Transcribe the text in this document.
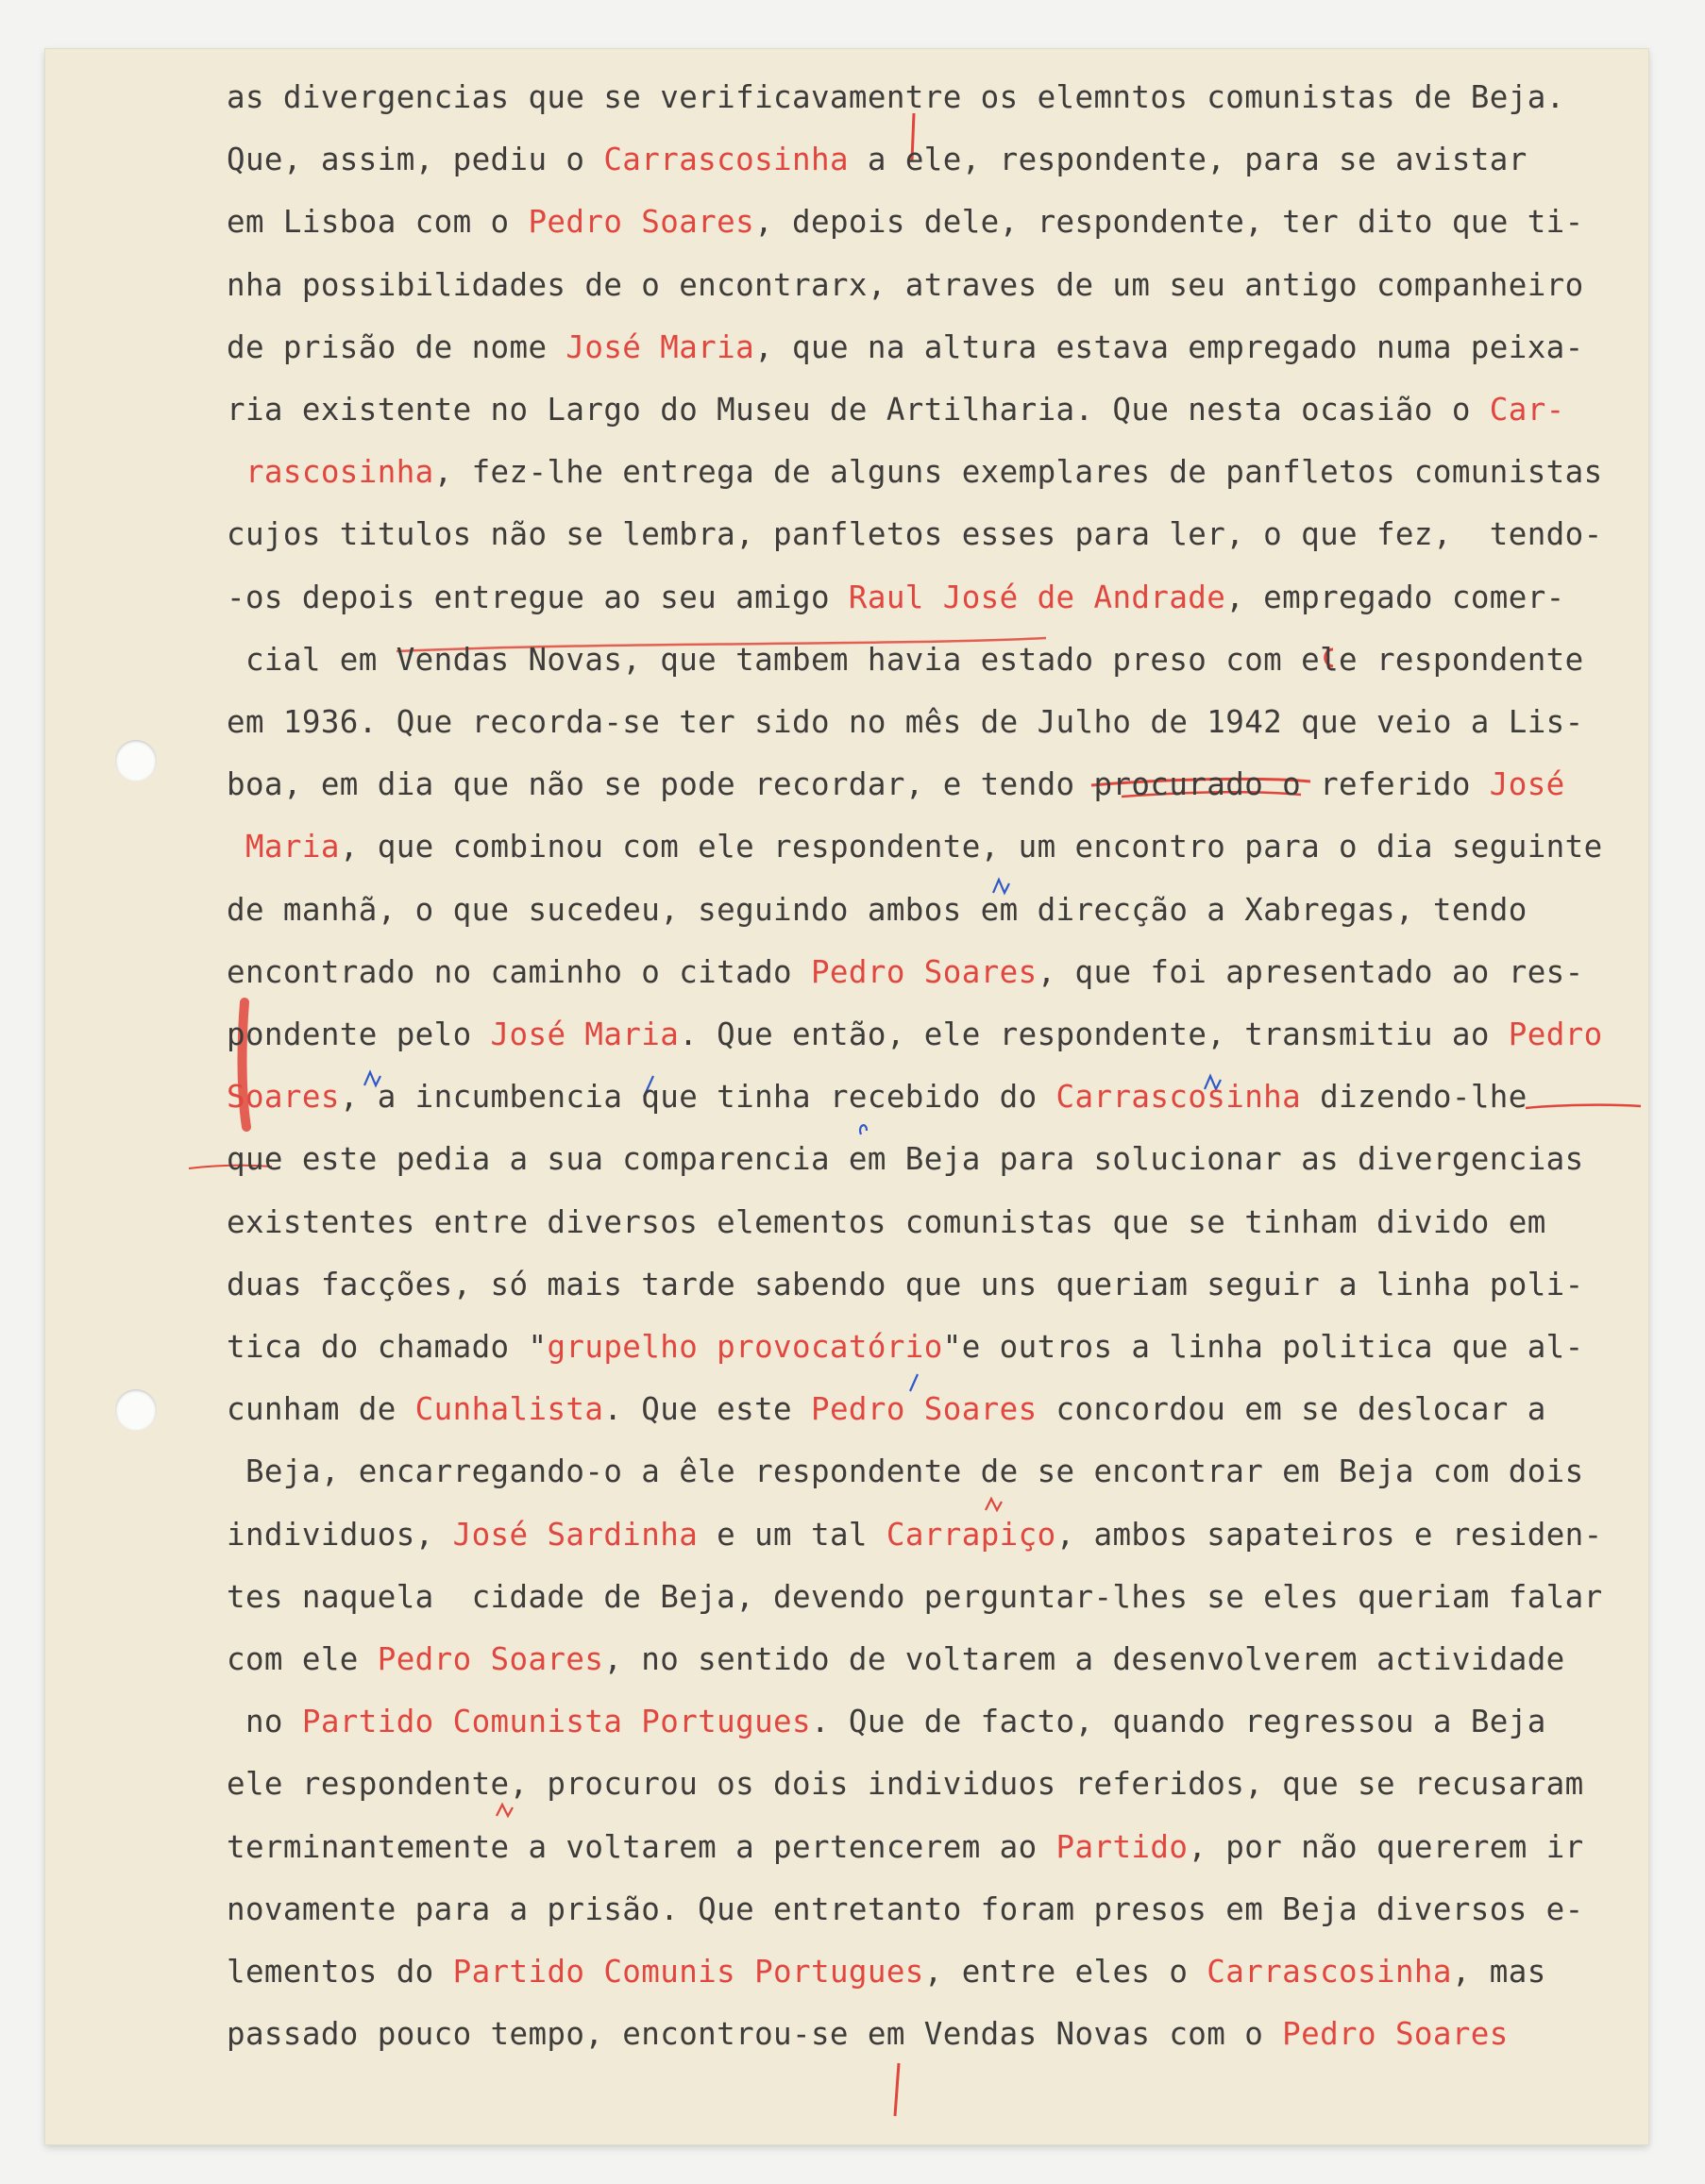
as divergencias que se verificavamentre os elemntos comunistas de Beja.
Que, assim, pediu o Carrascosinha a ele, respondente, para se avistar
em Lisboa com o Pedro Soares, depois dele, respondente, ter dito que ti-
nha possibilidades de o encontrarx, atraves de um seu antigo companheiro
de prisão de nome José Maria, que na altura estava empregado numa peixa-
ria existente no Largo do Museu de Artilharia. Que nesta ocasião o Car-
rascosinha, fez-lhe entrega de alguns exemplares de panfletos comunistas
cujos titulos não se lembra, panfletos esses para ler, o que fez,  tendo-
-os depois entregue ao seu amigo Raul José de Andrade, empregado comer-
cial em Vendas Novas, que tambem havia estado preso com ele respondente
em 1936. Que recorda-se ter sido no mês de Julho de 1942 que veio a Lis-
boa, em dia que não se pode recordar, e tendo procurado o referido José
Maria, que combinou com ele respondente, um encontro para o dia seguinte
de manhã, o que sucedeu, seguindo ambos em direcção a Xabregas, tendo
encontrado no caminho o citado Pedro Soares, que foi apresentado ao res-
pondente pelo José Maria. Que então, ele respondente, transmitiu ao Pedro
Soares, a incumbencia que tinha recebido do Carrascosinha dizendo-lhe
que este pedia a sua comparencia em Beja para solucionar as divergencias
existentes entre diversos elementos comunistas que se tinham divido em
duas facções, só mais tarde sabendo que uns queriam seguir a linha poli-
tica do chamado "grupelho provocatório"e outros a linha politica que al-
cunham de Cunhalista. Que este Pedro Soares concordou em se deslocar a
Beja, encarregando-o a êle respondente de se encontrar em Beja com dois
individuos, José Sardinha e um tal Carrapiço, ambos sapateiros e residen-
tes naquela  cidade de Beja, devendo perguntar-lhes se eles queriam falar
com ele Pedro Soares, no sentido de voltarem a desenvolverem actividade
no Partido Comunista Portugues. Que de facto, quando regressou a Beja
ele respondente, procurou os dois individuos referidos, que se recusaram
terminantemente a voltarem a pertencerem ao Partido, por não quererem ir
novamente para a prisão. Que entretanto foram presos em Beja diversos e-
lementos do Partido Comunis Portugues, entre eles o Carrascosinha, mas
passado pouco tempo, encontrou-se em Vendas Novas com o Pedro Soares
